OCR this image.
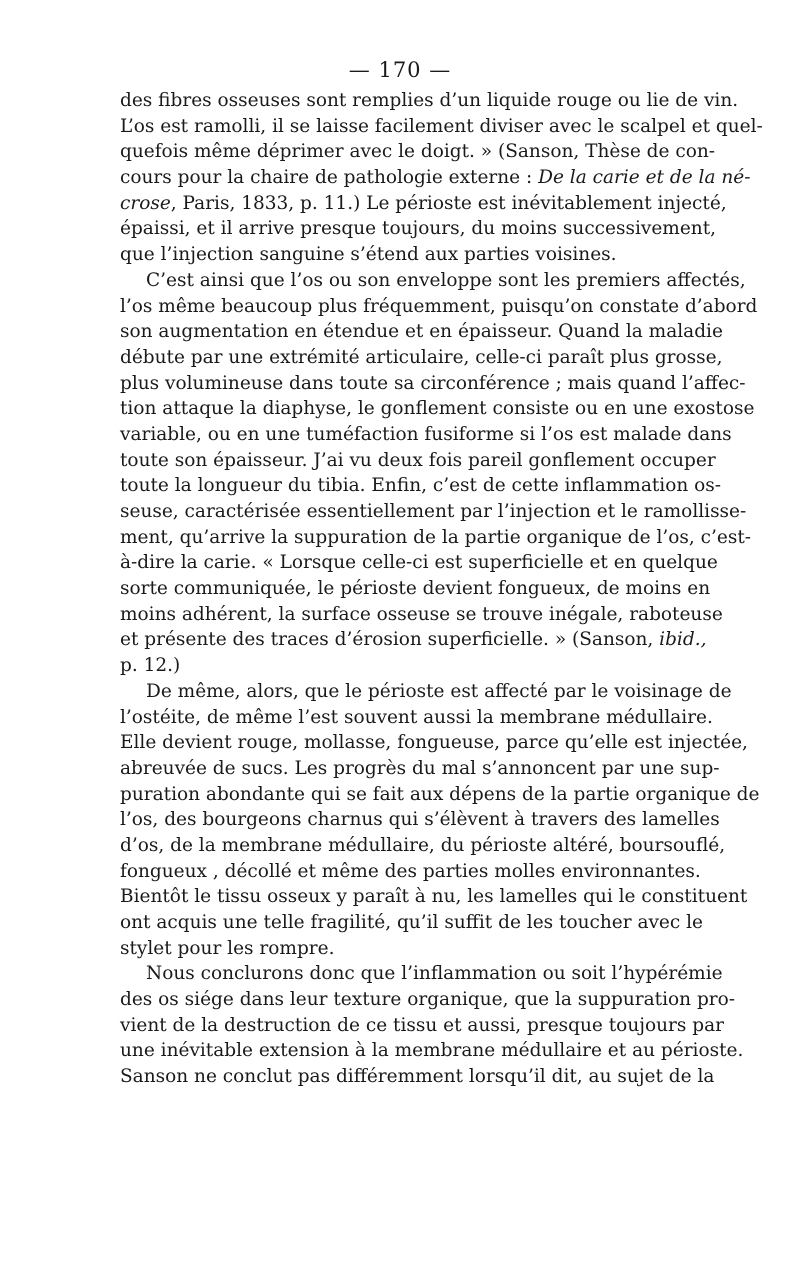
— 170 —
des fibres osseuses sont remplies d’un liquide rouge ou lie de vin.
L’os est ramolli, il se laisse facilement diviser avec le scalpel et quel-
quefois même déprimer avec le doigt. » (Sanson, Thèse de con-
cours pour la chaire de pathologie externe : De la carie et de la né-
crose, Paris, 1833, p. 11.) Le périoste est inévitablement injecté,
épaissi, et il arrive presque toujours, du moins successivement,
que l’injection sanguine s’étend aux parties voisines.
C’est ainsi que l’os ou son enveloppe sont les premiers affectés,
l’os même beaucoup plus fréquemment, puisqu’on constate d’abord
son augmentation en étendue et en épaisseur. Quand la maladie
débute par une extrémité articulaire, celle-ci paraît plus grosse,
plus volumineuse dans toute sa circonférence ; mais quand l’affec-
tion attaque la diaphyse, le gonflement consiste ou en une exostose
variable, ou en une tuméfaction fusiforme si l’os est malade dans
toute son épaisseur. J’ai vu deux fois pareil gonflement occuper
toute la longueur du tibia. Enfin, c’est de cette inflammation os-
seuse, caractérisée essentiellement par l’injection et le ramollisse-
ment, qu’arrive la suppuration de la partie organique de l’os, c’est-
à-dire la carie. « Lorsque celle-ci est superficielle et en quelque
sorte communiquée, le périoste devient fongueux, de moins en
moins adhérent, la surface osseuse se trouve inégale, raboteuse
et présente des traces d’érosion superficielle. » (Sanson, ibid.,
p. 12.)
De même, alors, que le périoste est affecté par le voisinage de
l’ostéite, de même l’est souvent aussi la membrane médullaire.
Elle devient rouge, mollasse, fongueuse, parce qu’elle est injectée,
abreuvée de sucs. Les progrès du mal s’annoncent par une sup-
puration abondante qui se fait aux dépens de la partie organique de
l’os, des bourgeons charnus qui s’élèvent à travers des lamelles
d’os, de la membrane médullaire, du périoste altéré, boursouflé,
fongueux , décollé et même des parties molles environnantes.
Bientôt le tissu osseux y paraît à nu, les lamelles qui le constituent
ont acquis une telle fragilité, qu’il suffit de les toucher avec le
stylet pour les rompre.
Nous conclurons donc que l’inflammation ou soit l’hypérémie
des os siége dans leur texture organique, que la suppuration pro-
vient de la destruction de ce tissu et aussi, presque toujours par
une inévitable extension à la membrane médullaire et au périoste.
Sanson ne conclut pas différemment lorsqu’il dit, au sujet de la
